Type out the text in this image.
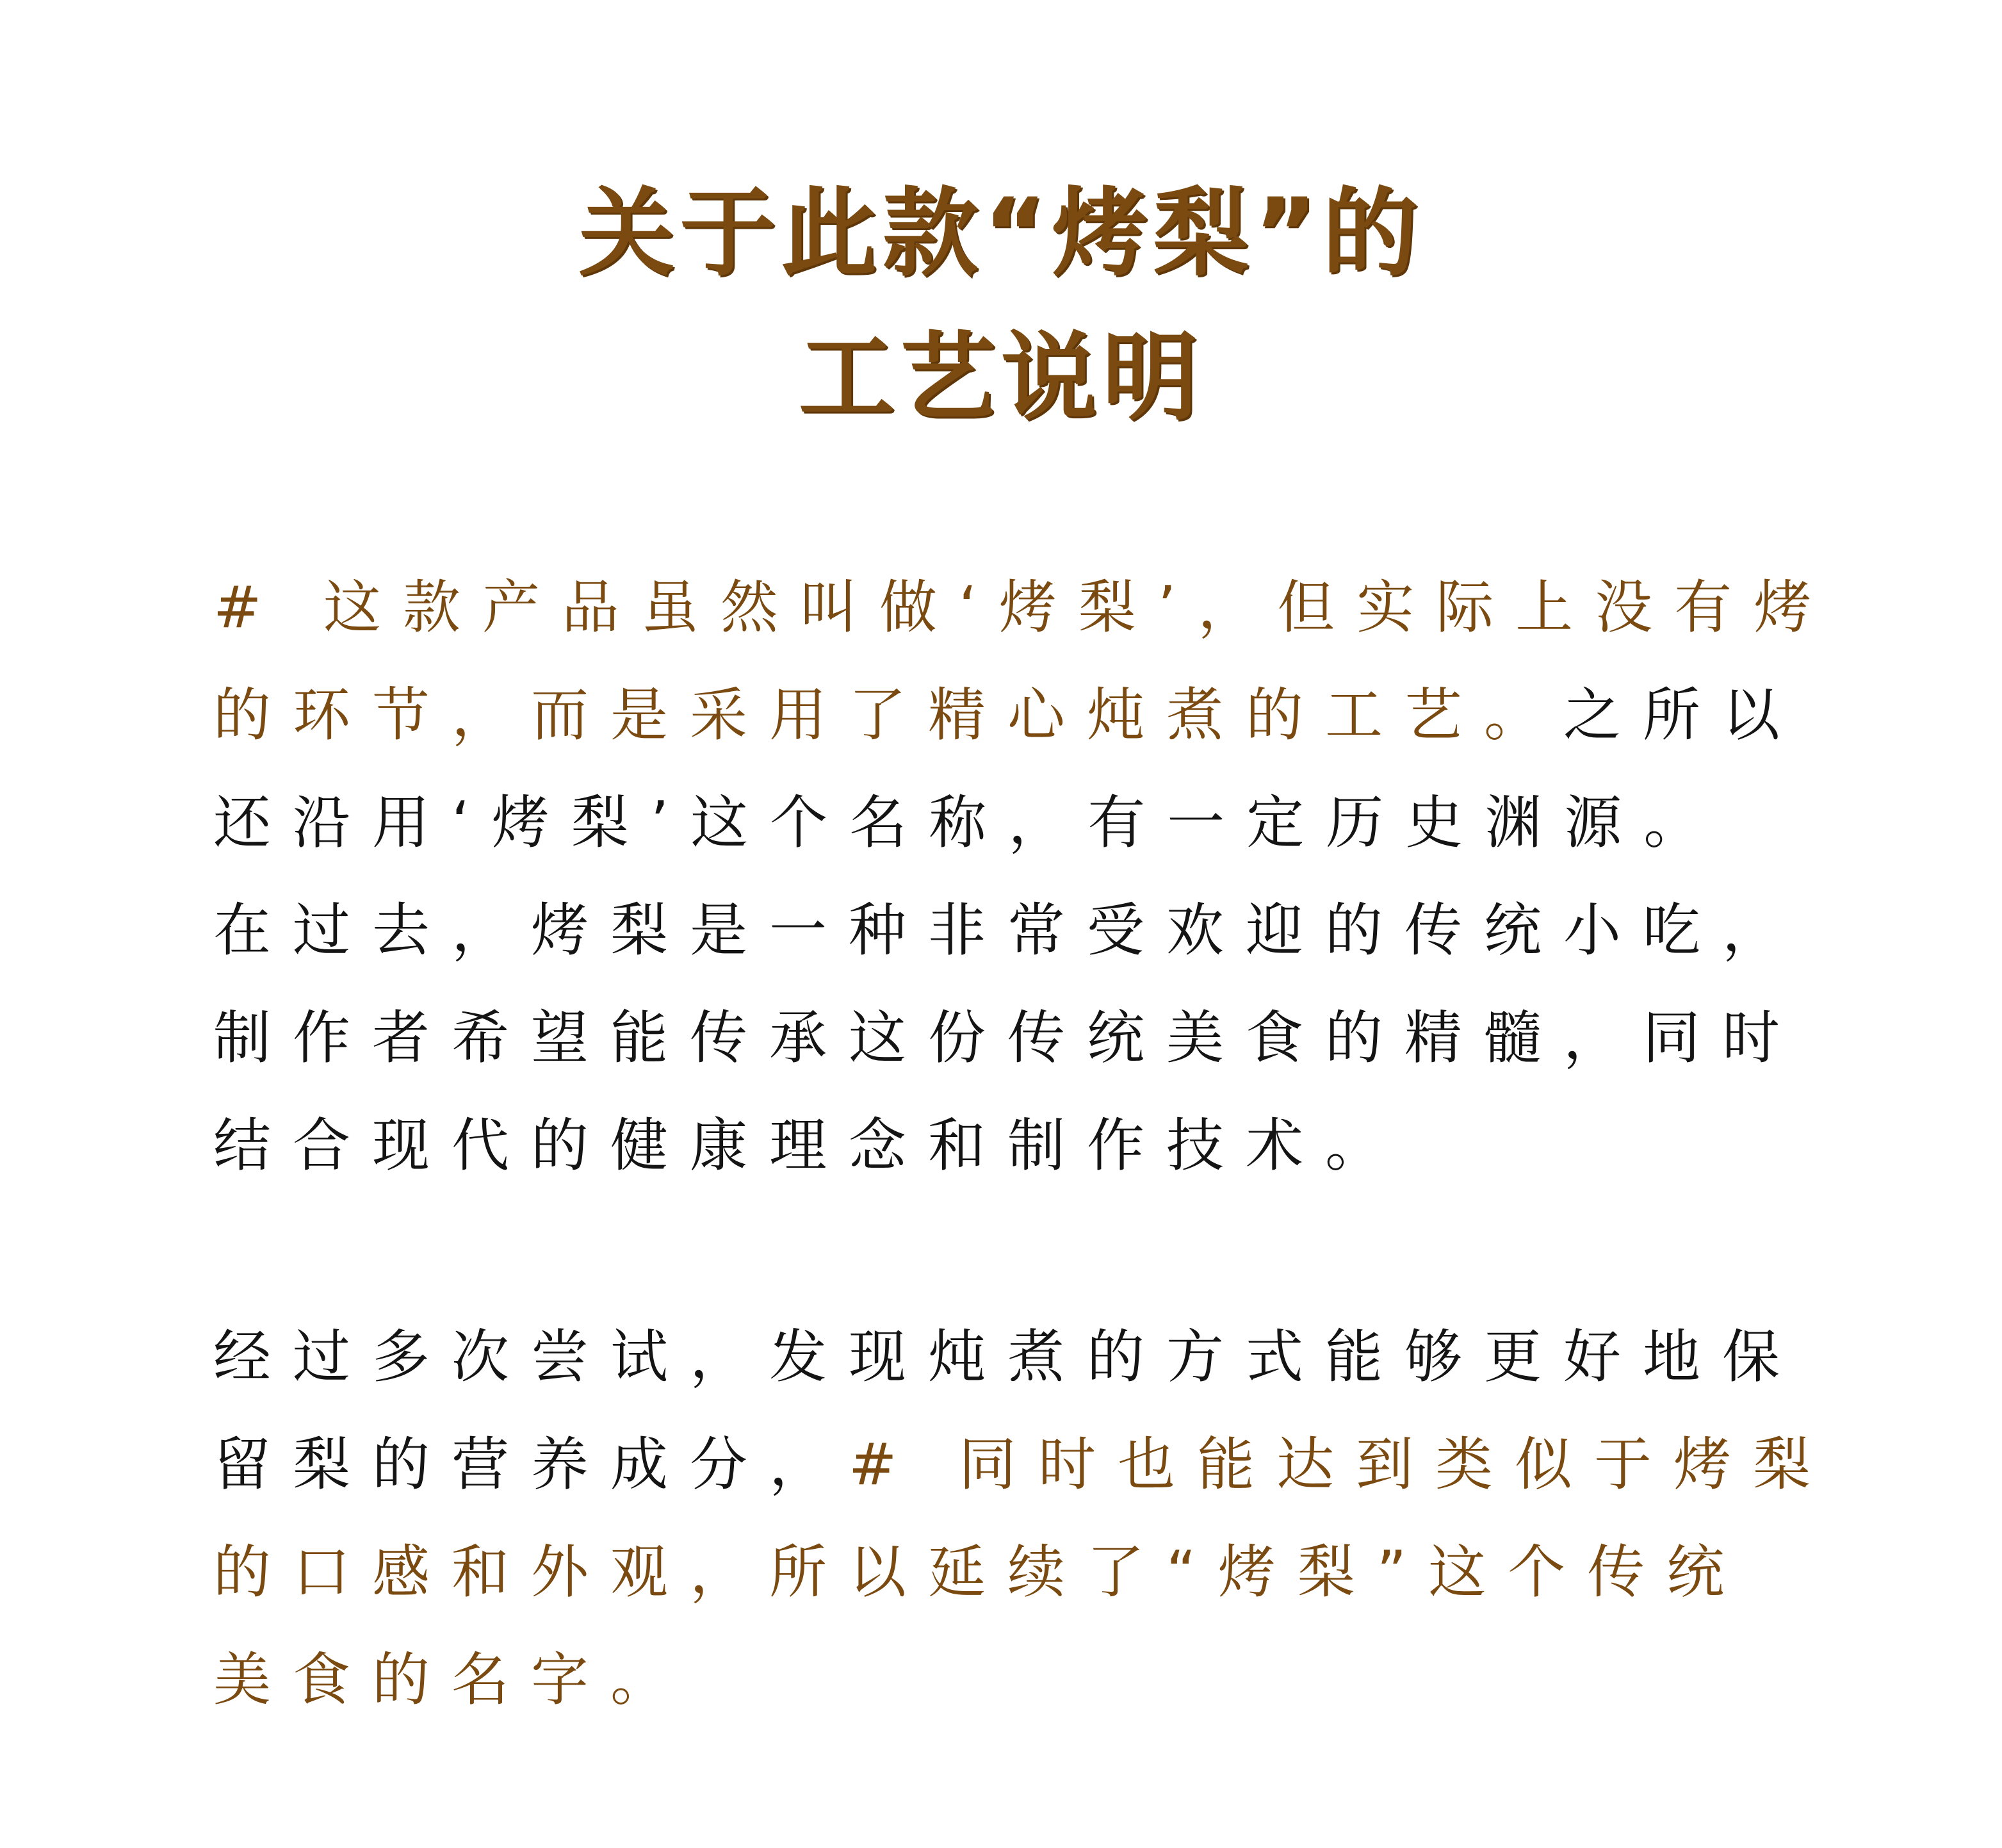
关于此款“烤梨”的
工艺说明
# 这款产品虽然叫做‘烤梨’，但实际上没有烤
的环节，而是采用了精心炖煮的工艺。之所以
还沿用‘烤梨’这个名称，有一定历史渊源。
在过去，烤梨是一种非常受欢迎的传统小吃，
制作者希望能传承这份传统美食的精髓，同时
结合现代的健康理念和制作技术。
经过多次尝试，发现炖煮的方式能够更好地保
留梨的营养成分，# 同时也能达到类似于烤梨
的口感和外观，所以延续了“烤梨”这个传统
美食的名字。
